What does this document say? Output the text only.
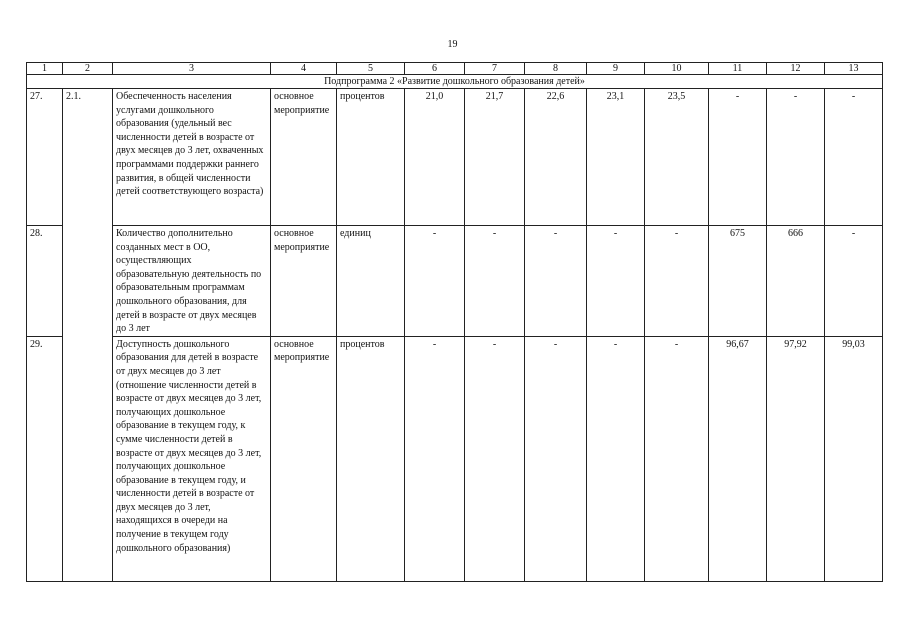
19
1	2	3	4	5	6	7	8	9	10	11	12	13
Подпрограмма 2 «Развитие дошкольного образования детей»												
27.	2.1.	Обеспеченность населения услугами дошкольного образования (удельный вес численности детей в возрасте от двух месяцев до 3 лет, охваченных программами поддержки раннего развития, в общей численности детей соответствующего возраста)	основное мероприятие	процентов	21,0	21,7	22,6	23,1	23,5	-	-	-
28.		Количество дополнительно созданных мест в ОО, осуществляющих образовательную деятельность по образовательным программам дошкольного образования, для детей в возрасте от двух месяцев до 3 лет	основное мероприятие	единиц	-	-	-	-	-	675	666	-
29.		Доступность дошкольного образования для детей в возрасте от двух месяцев до 3 лет (отношение численности детей в возрасте от двух месяцев до 3 лет, получающих дошкольное образование в текущем году, к сумме численности детей в возрасте от двух месяцев до 3 лет, получающих дошкольное образование в текущем году, и численности детей в возрасте от двух месяцев до 3 лет, находящихся в очереди на получение в текущем году дошкольного образования)	основное мероприятие	процентов	-	-	-	-	-	96,67	97,92	99,03
